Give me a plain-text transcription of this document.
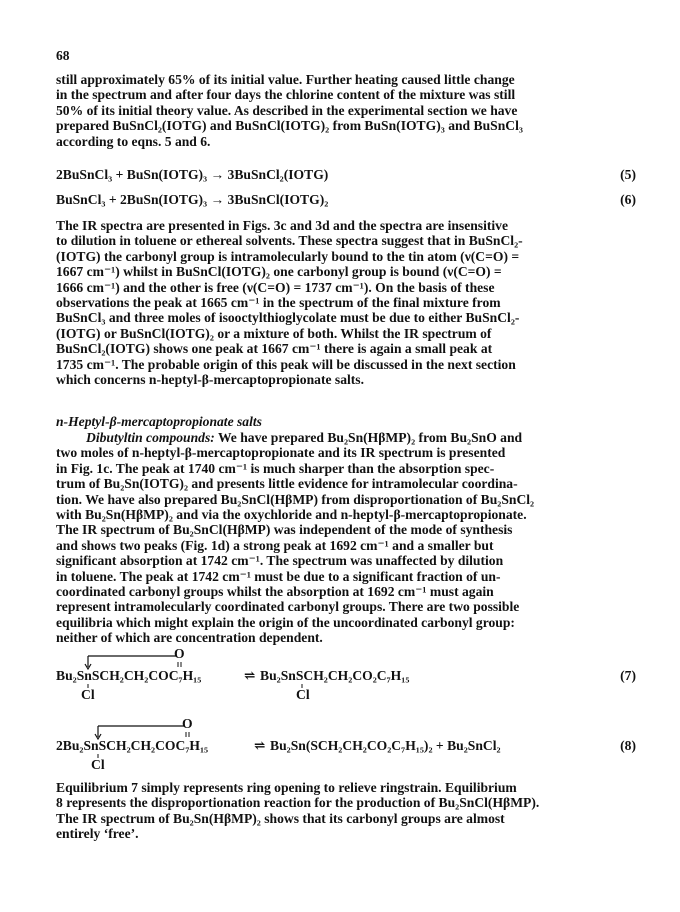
68
still approximately 65% of its initial value. Further heating caused little change
in the spectrum and after four days the chlorine content of the mixture was still
50% of its initial theory value. As described in the experimental section we have
prepared BuSnCl₂(IOTG) and BuSnCl(IOTG)₂ from BuSn(IOTG)₃ and BuSnCl₃
according to eqns. 5 and 6.
2BuSnCl₃ + BuSn(IOTG)₃ → 3BuSnCl₂(IOTG)	(5)
BuSnCl₃ + 2BuSn(IOTG)₃ → 3BuSnCl(IOTG)₂	(6)
The IR spectra are presented in Figs. 3c and 3d and the spectra are insensitive
to dilution in toluene or ethereal solvents. These spectra suggest that in BuSnCl₂-
(IOTG) the carbonyl group is intramolecularly bound to the tin atom (ν(C=O) =
1667 cm⁻¹) whilst in BuSnCl(IOTG)₂ one carbonyl group is bound (ν(C=O) =
1666 cm⁻¹) and the other is free (ν(C=O) = 1737 cm⁻¹). On the basis of these
observations the peak at 1665 cm⁻¹ in the spectrum of the final mixture from
BuSnCl₃ and three moles of isooctylthioglycolate must be due to either BuSnCl₂-
(IOTG) or BuSnCl(IOTG)₂ or a mixture of both. Whilst the IR spectrum of
BuSnCl₂(IOTG) shows one peak at 1667 cm⁻¹ there is again a small peak at
1735 cm⁻¹. The probable origin of this peak will be discussed in the next section
which concerns n-heptyl-β-mercaptopropionate salts.
n-Heptyl-β-mercaptopropionate salts
Dibutyltin compounds: We have prepared Bu₂Sn(HβMP)₂ from Bu₂SnO and
two moles of n-heptyl-β-mercaptopropionate and its IR spectrum is presented
in Fig. 1c. The peak at 1740 cm⁻¹ is much sharper than the absorption spec-
trum of Bu₂Sn(IOTG)₂ and presents little evidence for intramolecular coordina-
tion. We have also prepared Bu₂SnCl(HβMP) from disproportionation of Bu₂SnCl₂
with Bu₂Sn(HβMP)₂ and via the oxychloride and n-heptyl-β-mercaptopropionate.
The IR spectrum of Bu₂SnCl(HβMP) was independent of the mode of synthesis
and shows two peaks (Fig. 1d) a strong peak at 1692 cm⁻¹ and a smaller but
significant absorption at 1742 cm⁻¹. The spectrum was unaffected by dilution
in toluene. The peak at 1742 cm⁻¹ must be due to a significant fraction of un-
coordinated carbonyl groups whilst the absorption at 1692 cm⁻¹ must again
represent intramolecularly coordinated carbonyl groups. There are two possible
equilibria which might explain the origin of the uncoordinated carbonyl group:
neither of which are concentration dependent.
O
Bu₂SnSCH₂CH₂COC₇H₁₅	⇌ Bu₂SnSCH₂CH₂CO₂C₇H₁₅
Cl	Cl
(7)
O
2Bu₂SnSCH₂CH₂COC₇H₁₅	⇌ Bu₂Sn(SCH₂CH₂CO₂C₇H₁₅)₂ + Bu₂SnCl₂
Cl
(8)
Equilibrium 7 simply represents ring opening to relieve ringstrain. Equilibrium
8 represents the disproportionation reaction for the production of Bu₂SnCl(HβMP).
The IR spectrum of Bu₂Sn(HβMP)₂ shows that its carbonyl groups are almost
entirely ‘free’.
